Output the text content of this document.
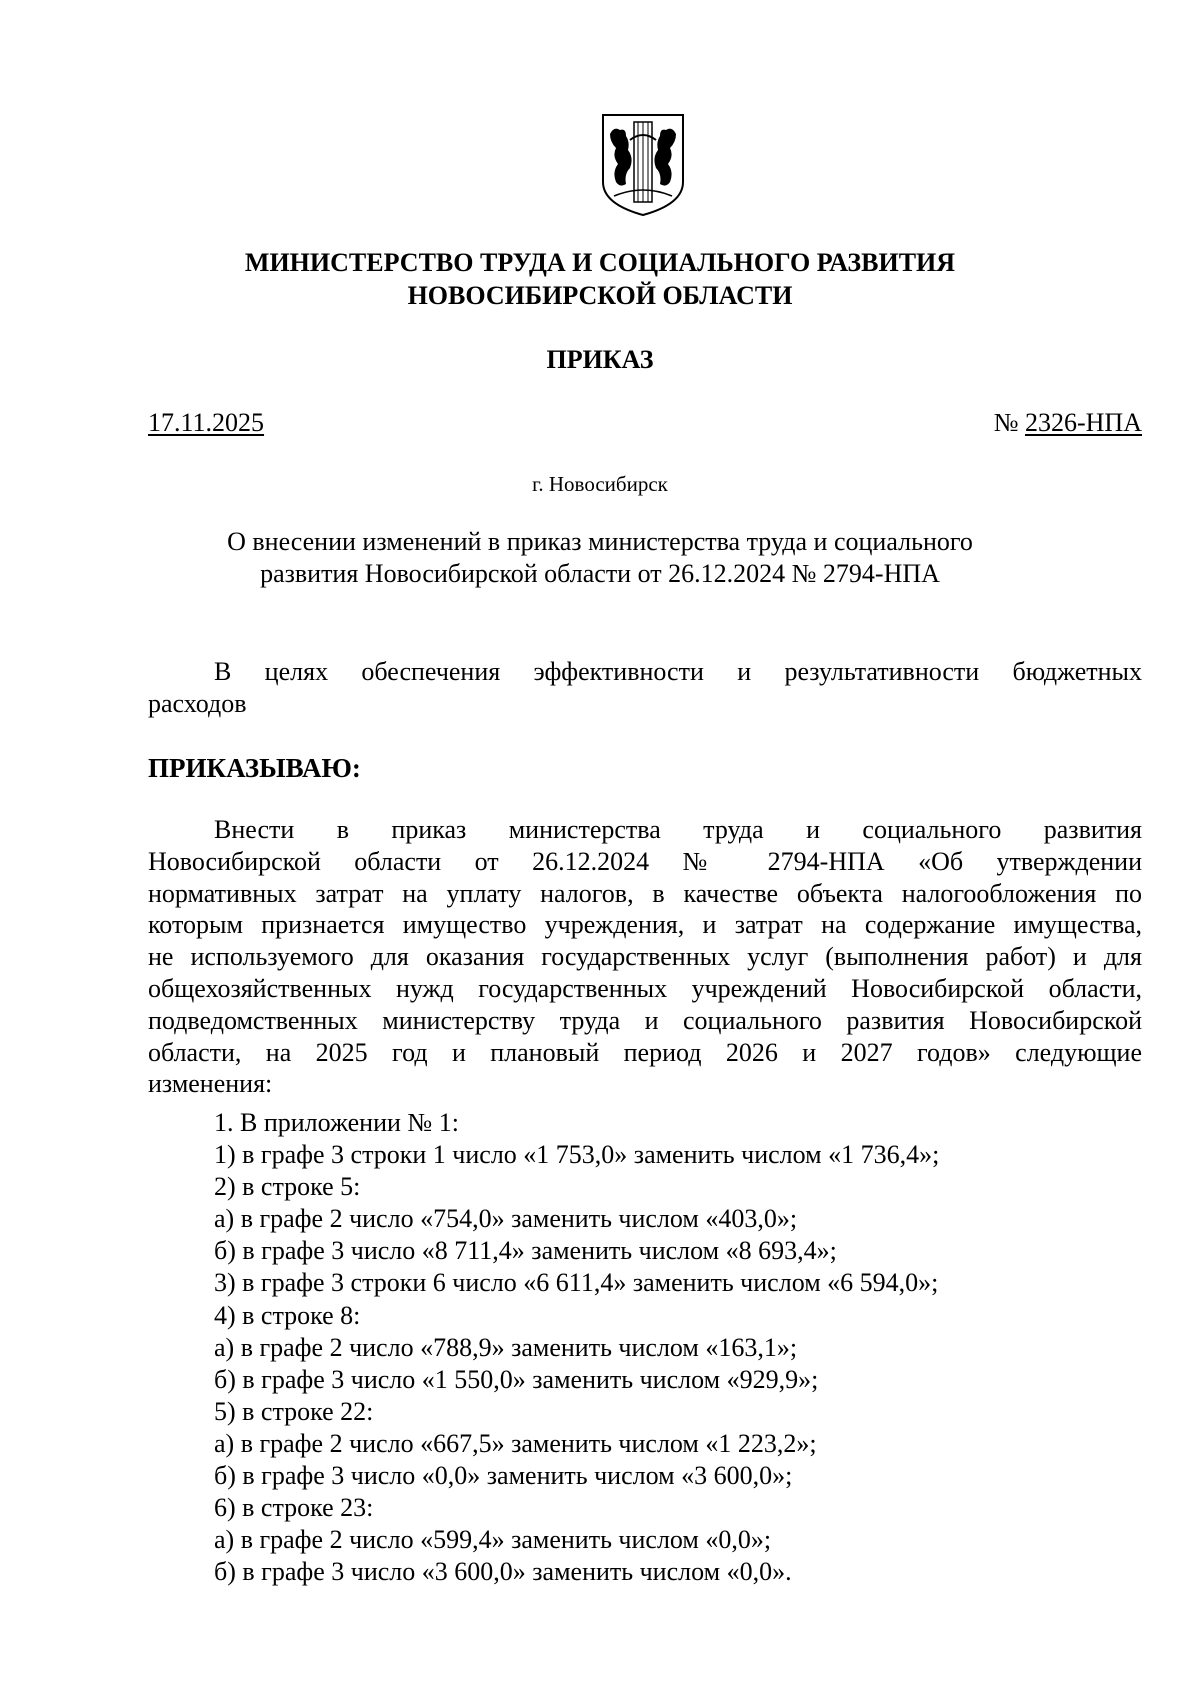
МИНИСТЕРСТВО ТРУДА И СОЦИАЛЬНОГО РАЗВИТИЯ
НОВОСИБИРСКОЙ ОБЛАСТИ
ПРИКАЗ
17.11.2025	№ 2326-НПА
г. Новосибирск
О внесении изменений в приказ министерства труда и социального
развития Новосибирской области от 26.12.2024 № 2794-НПА
В целях обеспечения эффективности и результативности бюджетных
расходов
ПРИКАЗЫВАЮ:
Внести в приказ министерства труда и социального развития
Новосибирской области от 26.12.2024 № 2794-НПА «Об утверждении
нормативных затрат на уплату налогов, в качестве объекта налогообложения по
которым признается имущество учреждения, и затрат на содержание имущества,
не используемого для оказания государственных услуг (выполнения работ) и для
общехозяйственных нужд государственных учреждений Новосибирской области,
подведомственных министерству труда и социального развития Новосибирской
области, на 2025 год и плановый период 2026 и 2027 годов» следующие
изменения:
1. В приложении № 1:
1) в графе 3 строки 1 число «1 753,0» заменить числом «1 736,4»;
2) в строке 5:
а) в графе 2 число «754,0» заменить числом «403,0»;
б) в графе 3 число «8 711,4» заменить числом «8 693,4»;
3) в графе 3 строки 6 число «6 611,4» заменить числом «6 594,0»;
4) в строке 8:
а) в графе 2 число «788,9» заменить числом «163,1»;
б) в графе 3 число «1 550,0» заменить числом «929,9»;
5) в строке 22:
а) в графе 2 число «667,5» заменить числом «1 223,2»;
б) в графе 3 число «0,0» заменить числом «3 600,0»;
6) в строке 23:
а) в графе 2 число «599,4» заменить числом «0,0»;
б) в графе 3 число «3 600,0» заменить числом «0,0».
